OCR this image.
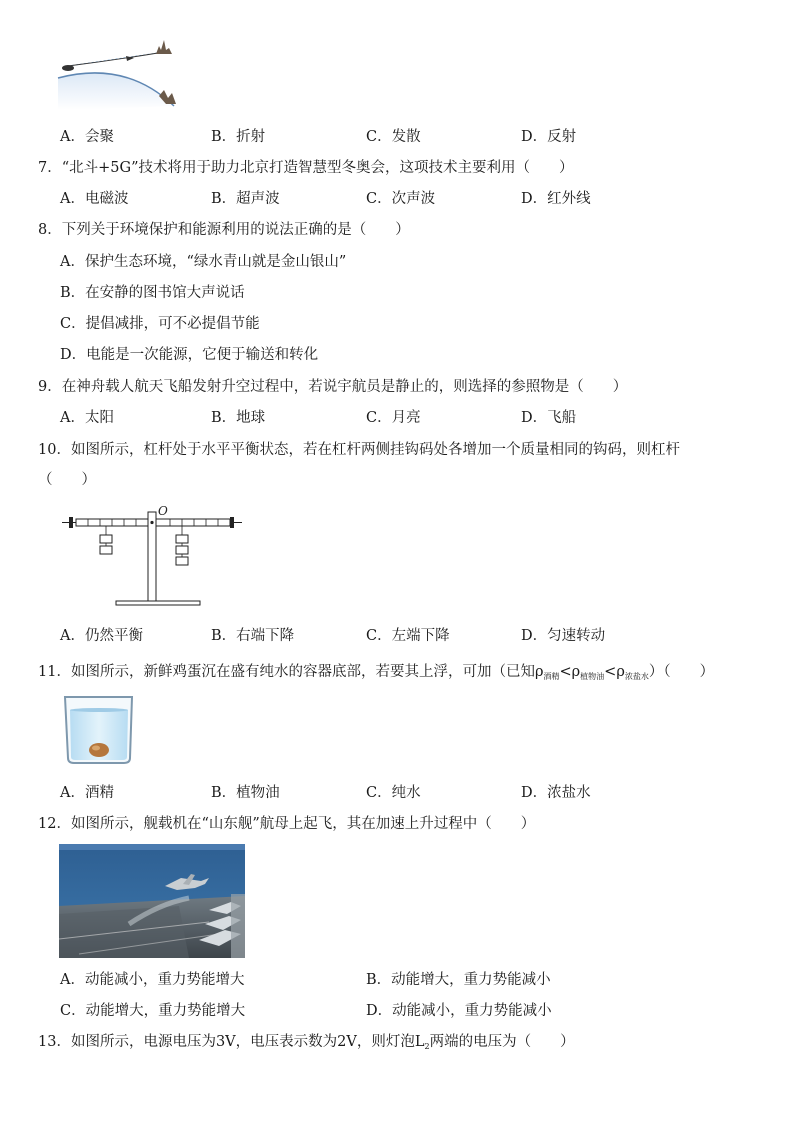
A．会聚	B．折射	C．发散	D．反射
7．“北斗+5G”技术将用于助力北京打造智慧型冬奥会，这项技术主要利用（　　）
A．电磁波	B．超声波	C．次声波	D．红外线
8．下列关于环境保护和能源利用的说法正确的是（　　）
A．保护生态环境，“绿水青山就是金山银山”
B．在安静的图书馆大声说话
C．提倡减排，可不必提倡节能
D．电能是一次能源，它便于输送和转化
9．在神舟载人航天飞船发射升空过程中，若说宇航员是静止的，则选择的参照物是（　　）
A．太阳	B．地球	C．月亮	D．飞船
10．如图所示，杠杆处于水平平衡状态，若在杠杆两侧挂钩码处各增加一个质量相同的钩码，则杠杆
（　　）
O
A．仍然平衡	B．右端下降	C．左端下降	D．匀速转动
11．如图所示，新鲜鸡蛋沉在盛有纯水的容器底部，若要其上浮，可加（已知$\rho_{酒精}<\rho_{植物油}<\rho_{浓盐水}$）（　　）
A．酒精	B．植物油	C．纯水	D．浓盐水
12．如图所示，舰载机在“山东舰”航母上起飞，其在加速上升过程中（　　）
A．动能减小，重力势能增大	B．动能增大，重力势能减小
C．动能增大，重力势能增大	D．动能减小，重力势能减小
13．如图所示，电源电压为3V，电压表示数为2V，则灯泡$L_2$两端的电压为（　　）
